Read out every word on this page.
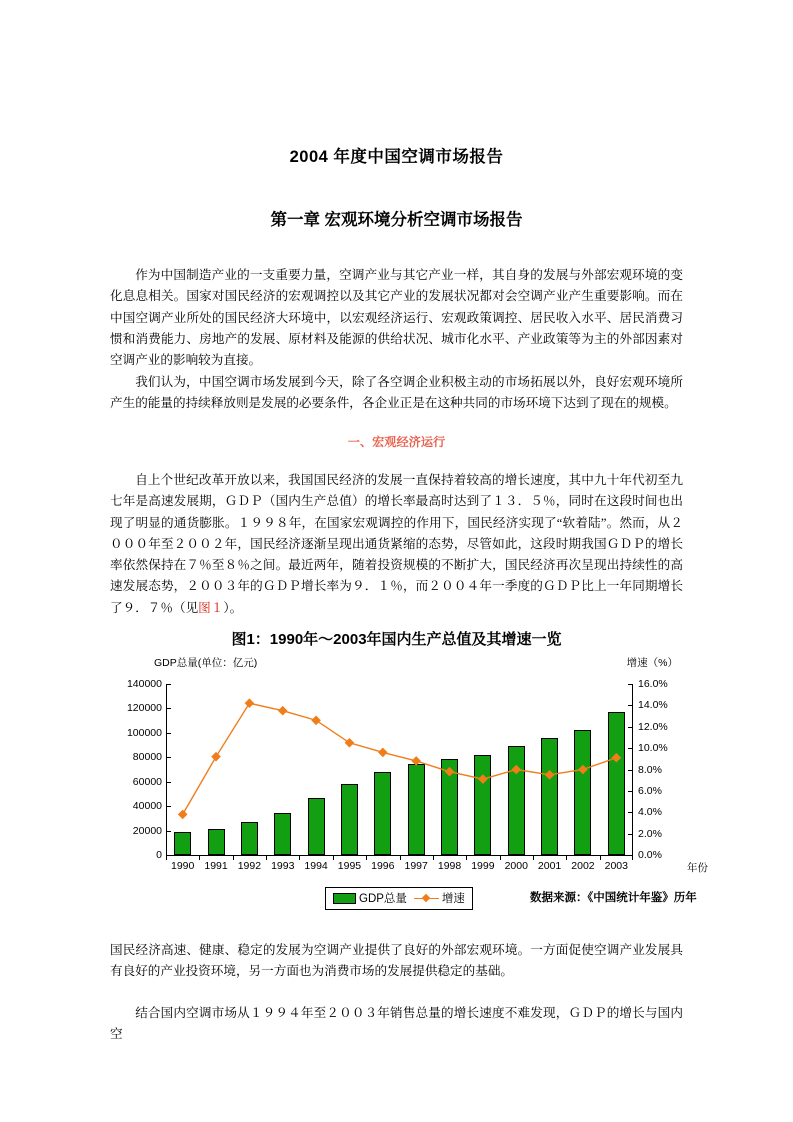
2004 年度中国空调市场报告
第一章 宏观环境分析空调市场报告
作为中国制造产业的一支重要力量，空调产业与其它产业一样，其自身的发展与外部宏观环境的变化息息相关。国家对国民经济的宏观调控以及其它产业的发展状况都对会空调产业产生重要影响。而在中国空调产业所处的国民经济大环境中，以宏观经济运行、宏观政策调控、居民收入水平、居民消费习惯和消费能力、房地产的发展、原材料及能源的供给状况、城市化水平、产业政策等为主的外部因素对空调产业的影响较为直接。
我们认为，中国空调市场发展到今天，除了各空调企业积极主动的市场拓展以外，良好宏观环境所产生的能量的持续释放则是发展的必要条件，各企业正是在这种共同的市场环境下达到了现在的规模。
一、宏观经济运行
自上个世纪改革开放以来，我国国民经济的发展一直保持着较高的增长速度，其中九十年代初至九七年是高速发展期，ＧＤＰ（国内生产总值）的增长率最高时达到了１３．５％，同时在这段时间也出现了明显的通货膨胀。１９９８年，在国家宏观调控的作用下，国民经济实现了“软着陆”。然而，从２０００年至２００２年，国民经济逐渐呈现出通货紧缩的态势，尽管如此，这段时期我国ＧＤＰ的增长率依然保持在７％至８％之间。最近两年，随着投资规模的不断扩大，国民经济再次呈现出持续性的高速发展态势，２００３年的ＧＤＰ增长率为９．１％，而２００４年一季度的ＧＤＰ比上一年同期增长了９．７％（见图１）。
图1：1990年～2003年国内生产总值及其增速一览
GDP总量(单位：亿元)	增速（%）
0
20000
40000
60000
80000
100000
120000
140000
0.0%
2.0%
4.0%
6.0%
8.0%
10.0%
12.0%
14.0%
16.0%
1990 1991 1992 1993 1994 1995 1996 1997 1998 1999 2000 2001 2002 2003	年份
GDP总量	增速	数据来源：《中国统计年鉴》历年
国民经济高速、健康、稳定的发展为空调产业提供了良好的外部宏观环境。一方面促使空调产业发展具有良好的产业投资环境，另一方面也为消费市场的发展提供稳定的基础。
结合国内空调市场从１９９４年至２００３年销售总量的增长速度不难发现，ＧＤＰ的增长与国内空
